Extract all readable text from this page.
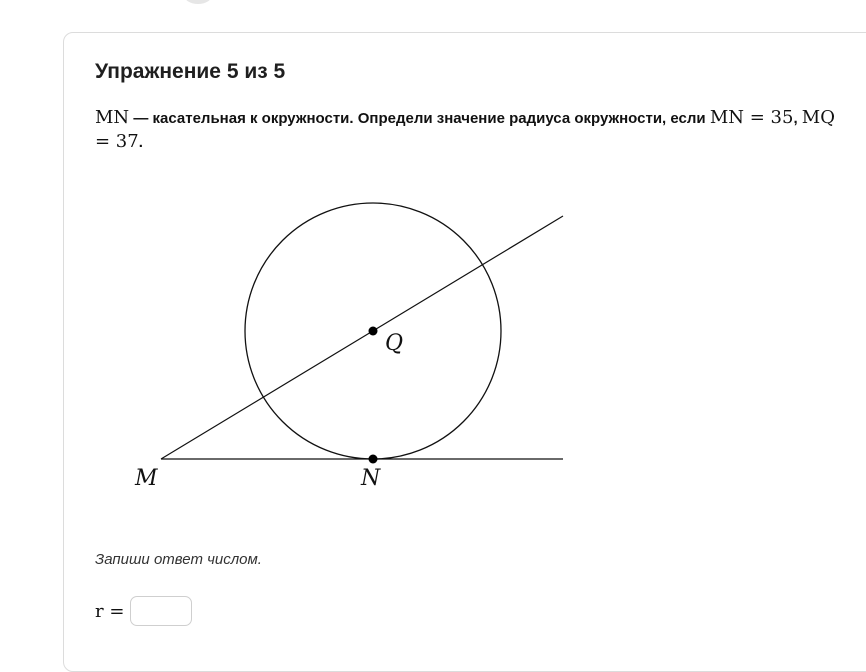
Упражнение 5 из 5
MN — касательная к окружности. Определи значение радиуса окружности, если MN = 35, MQ = 37.
M	N
Q
Запиши ответ числом.
r =
